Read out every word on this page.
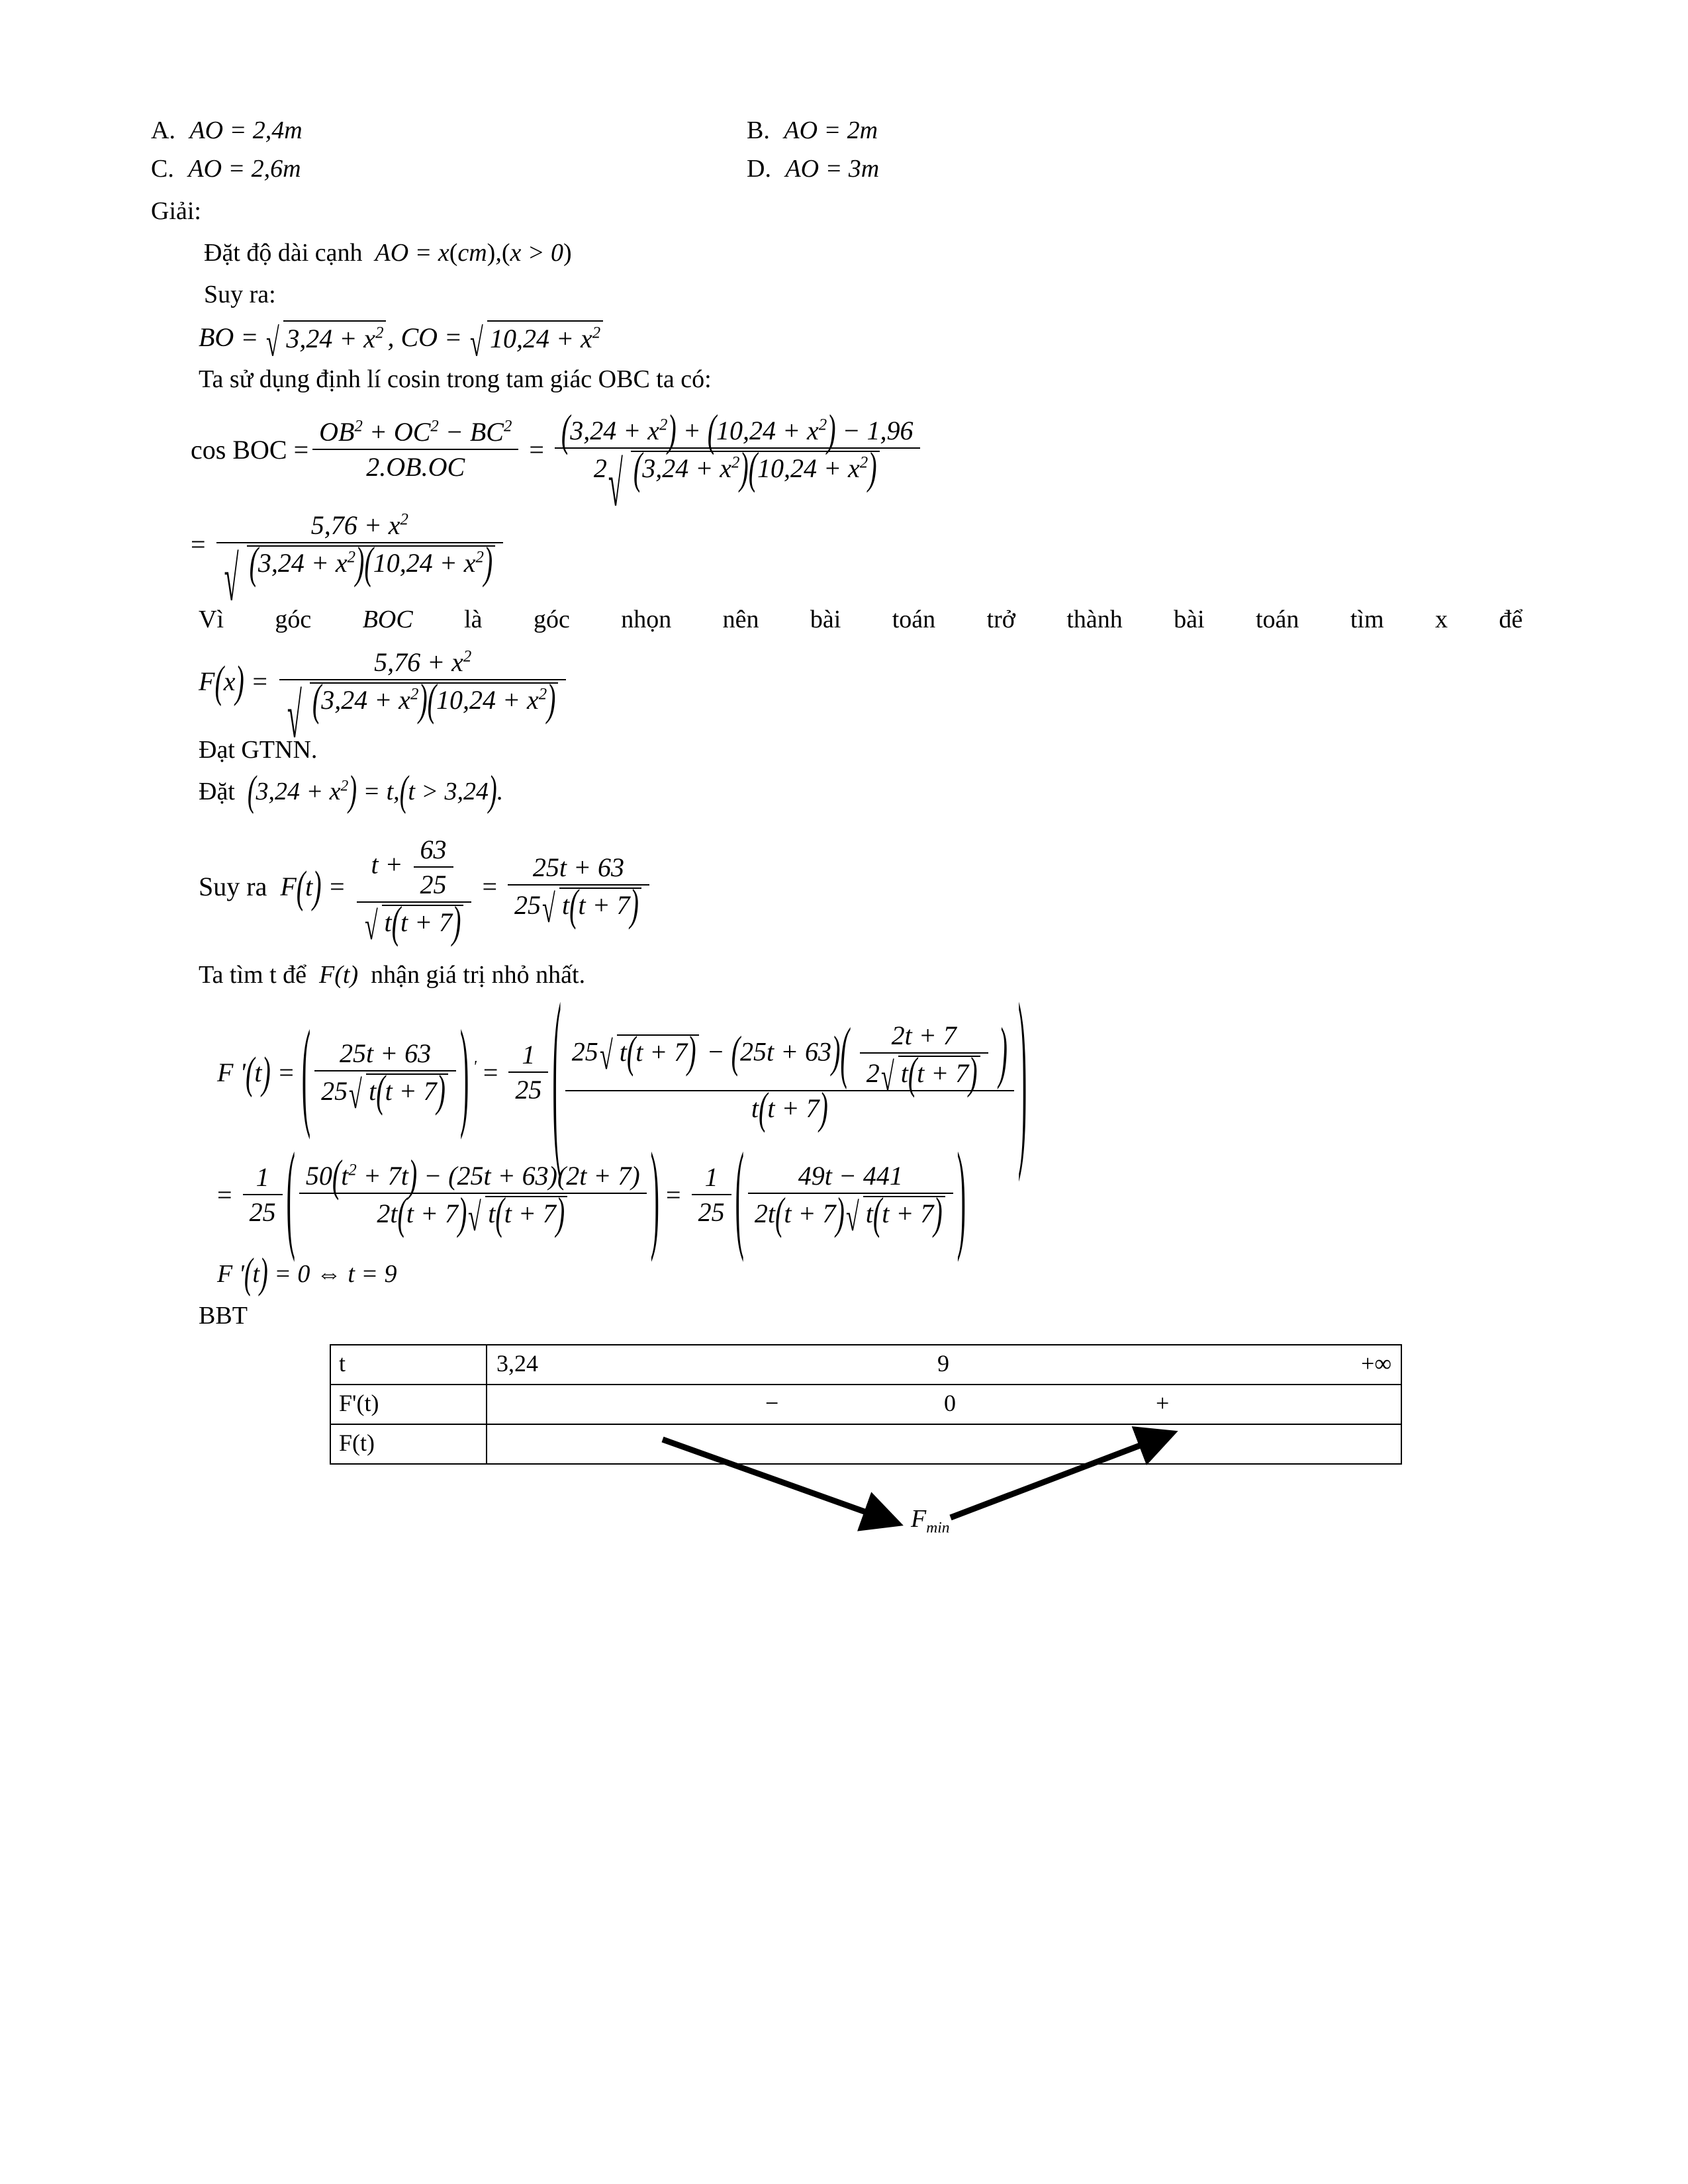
A. AO = 2,4m	B. AO = 2m
C. AO = 2,6m	D. AO = 3m
Giải:
Đặt độ dài cạnh  AO = x(cm),(x > 0)
Suy ra:
BO = √ $3,24 + x^2$ , CO = √ $10,24 + x^2$
Ta sử dụng định lí cosin trong tam giác OBC ta có:
cos BOC = $\frac{OB^2 + OC^2 - BC^2}{2.OB.OC} = \frac{(3,24 + x^2) + (10,24 + x^2) - 1,96}{2 √ (3,24 + x^2)(10,24 + x^2)}$
= $5,76 + x^2$
√ $(3,24 + x^2)(10,24 + x^2)$
Vì góc BOC là góc nhọn nên bài toán trở thành bài toán tìm x để
$F(x) = 5,76 + x^2$
√ $(3,24 + x^2)(10,24 + x^2)$
Đạt GTNN.
Đặt $(3,24 + x^2) = t,(t > 3,24)$.
Suy ra $F(t) = t + \frac{63}{25}$
√ $t(t + 7) = \frac{25t + 63}{25 √ t(t + 7)}$
Ta tìm t để  F(t)  nhận giá trị nhỏ nhất.
F '(t) = ( $\frac{25t + 63}{25 √ t(t + 7)}$ ) $' = \frac{1}{25}$ ( 25 √ $t(t + 7) - (25t + 63)( \frac{2t + 7}{2 √ t(t + 7)}$ )
t(t + 7)	)
= $\frac{1}{25}$ ( $\frac{50(t^2 + 7t) - (25t + 63)(2t + 7)}{2t(t + 7) √ t(t + 7)}$ ) = $\frac{1}{25}$ ( $\frac{49t - 441}{2t(t + 7) √ t(t + 7)}$ )
F '(t) = 0 ⇔ t = 9
BBT
t	3,24 9 +∞

F'(t)	− 0 +

F(t)	$F_{min}$
